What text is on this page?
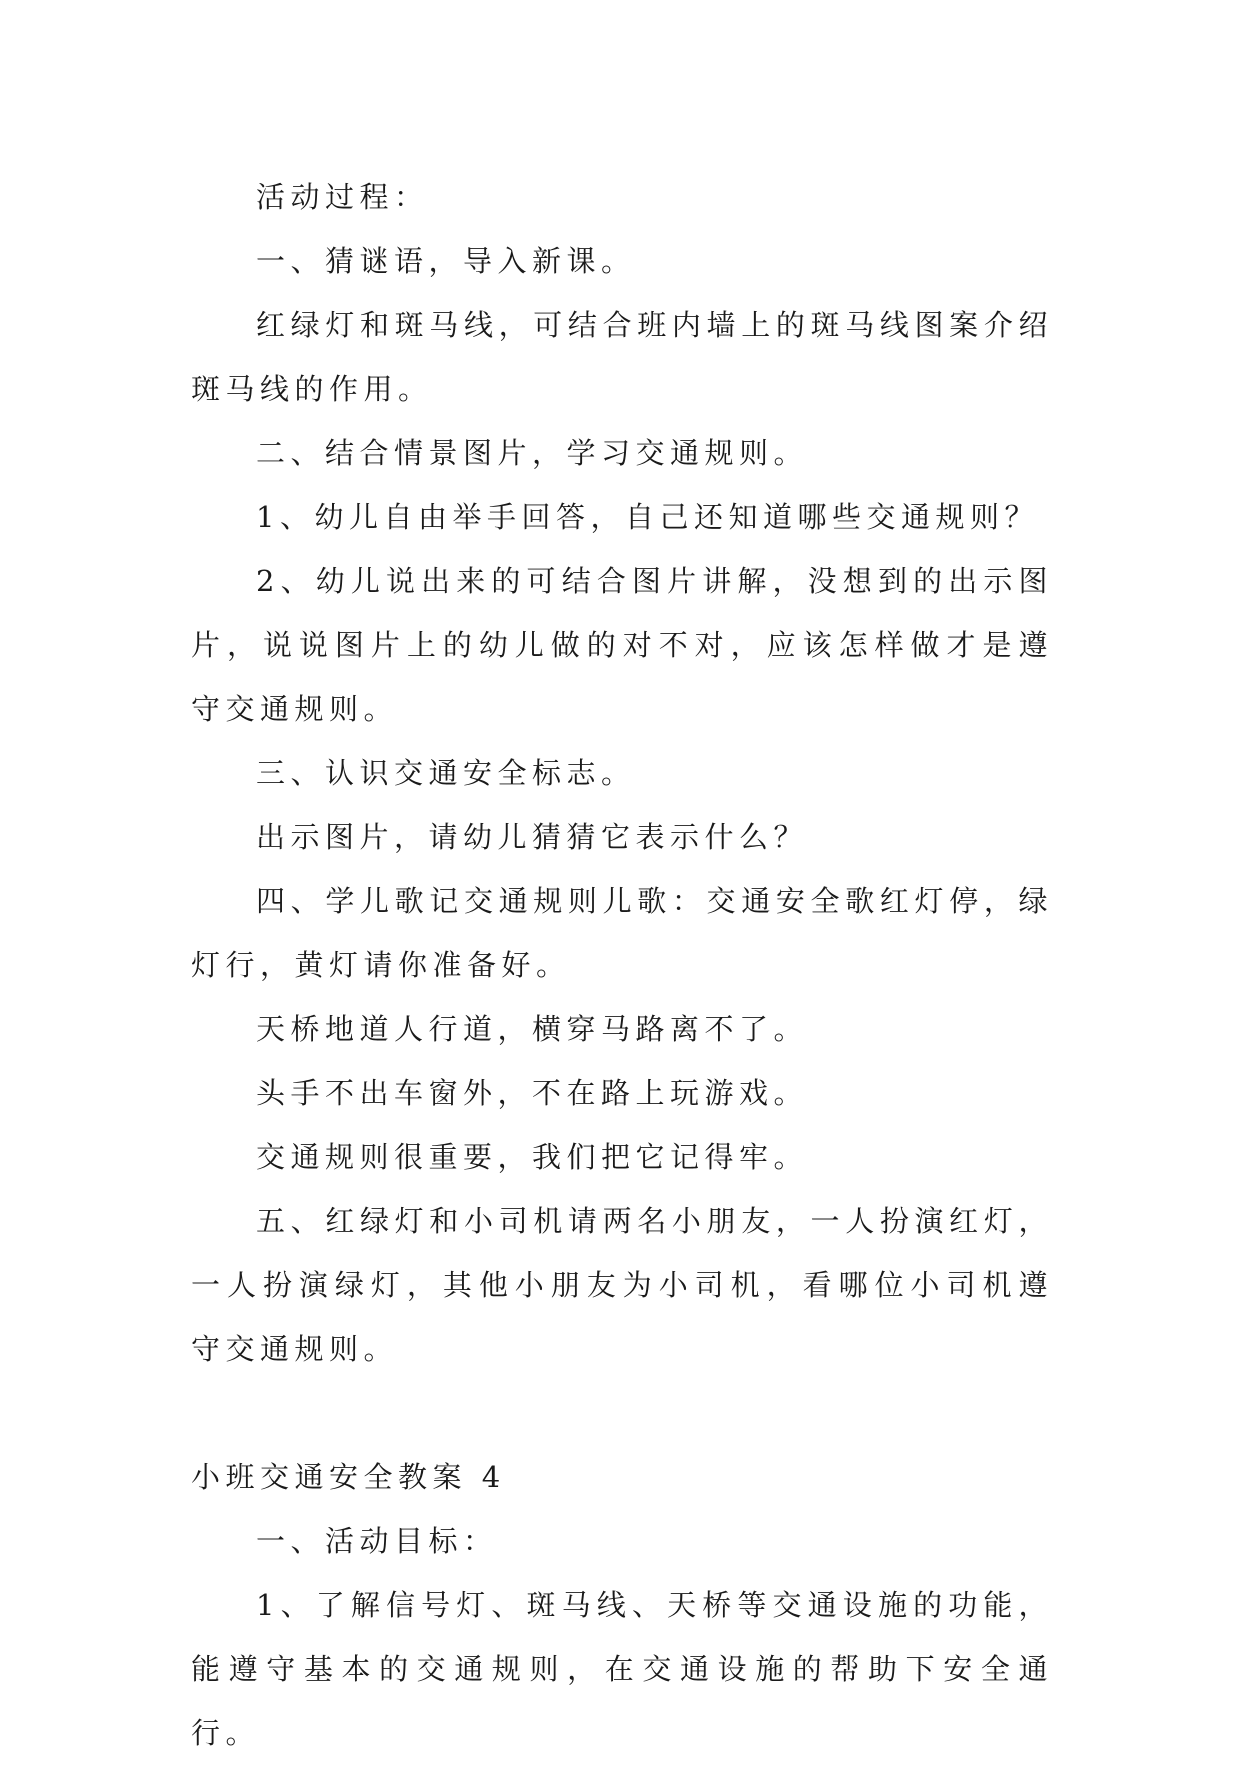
活动过程：

一、猜谜语，导入新课。

红绿灯和斑马线，可结合班内墙上的斑马线图案介绍斑马线的作用。

二、结合情景图片，学习交通规则。

1、幼儿自由举手回答，自己还知道哪些交通规则？

2、幼儿说出来的可结合图片讲解，没想到的出示图片，说说图片上的幼儿做的对不对，应该怎样做才是遵守交通规则。

三、认识交通安全标志。

出示图片，请幼儿猜猜它表示什么？

四、学儿歌记交通规则儿歌：交通安全歌红灯停，绿灯行，黄灯请你准备好。

天桥地道人行道，横穿马路离不了。

头手不出车窗外，不在路上玩游戏。

交通规则很重要，我们把它记得牢。

五、红绿灯和小司机请两名小朋友，一人扮演红灯，一人扮演绿灯，其他小朋友为小司机，看哪位小司机遵守交通规则。

小班交通安全教案 4

一、活动目标：

1、了解信号灯、斑马线、天桥等交通设施的功能，能遵守基本的交通规则，在交通设施的帮助下安全通行。
